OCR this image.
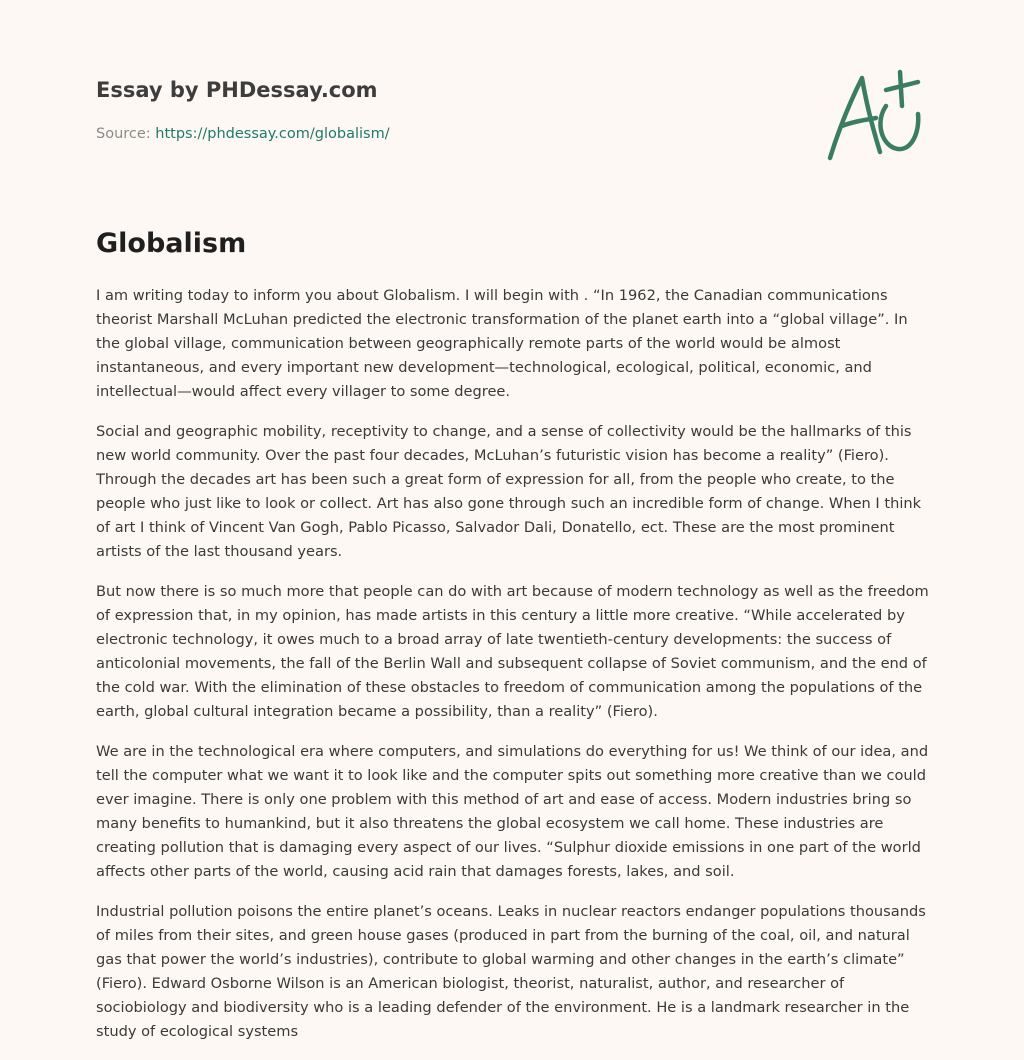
Essay by PHDessay.com
Source: https://phdessay.com/globalism/
Globalism

I am writing today to inform you about Globalism. I will begin with . “In 1962, the Canadian communications theorist Marshall McLuhan predicted the electronic transformation of the planet earth into a “global village”. In the global village, communication between geographically remote parts of the world would be almost instantaneous, and every important new development—technological, ecological, political, economic, and intellectual—would affect every villager to some degree.

Social and geographic mobility, receptivity to change, and a sense of collectivity would be the hallmarks of this new world community. Over the past four decades, McLuhan’s futuristic vision has become a reality” (Fiero). Through the decades art has been such a great form of expression for all, from the people who create, to the people who just like to look or collect. Art has also gone through such an incredible form of change. When I think of art I think of Vincent Van Gogh, Pablo Picasso, Salvador Dali, Donatello, ect. These are the most prominent artists of the last thousand years.

But now there is so much more that people can do with art because of modern technology as well as the freedom of expression that, in my opinion, has made artists in this century a little more creative. “While accelerated by electronic technology, it owes much to a broad array of late twentieth-century developments: the success of anticolonial movements, the fall of the Berlin Wall and subsequent collapse of Soviet communism, and the end of the cold war. With the elimination of these obstacles to freedom of communication among the populations of the earth, global cultural integration became a possibility, than a reality” (Fiero).

We are in the technological era where computers, and simulations do everything for us! We think of our idea, and tell the computer what we want it to look like and the computer spits out something more creative than we could ever imagine. There is only one problem with this method of art and ease of access. Modern industries bring so many benefits to humankind, but it also threatens the global ecosystem we call home. These industries are creating pollution that is damaging every aspect of our lives. “Sulphur dioxide emissions in one part of the world affects other parts of the world, causing acid rain that damages forests, lakes, and soil.

Industrial pollution poisons the entire planet’s oceans. Leaks in nuclear reactors endanger populations thousands of miles from their sites, and green house gases (produced in part from the burning of the coal, oil, and natural gas that power the world’s industries), contribute to global warming and other changes in the earth’s climate” (Fiero). Edward Osborne Wilson is an American biologist, theorist, naturalist, author, and researcher of sociobiology and biodiversity who is a leading defender of the environment. He is a landmark researcher in the study of ecological systems
